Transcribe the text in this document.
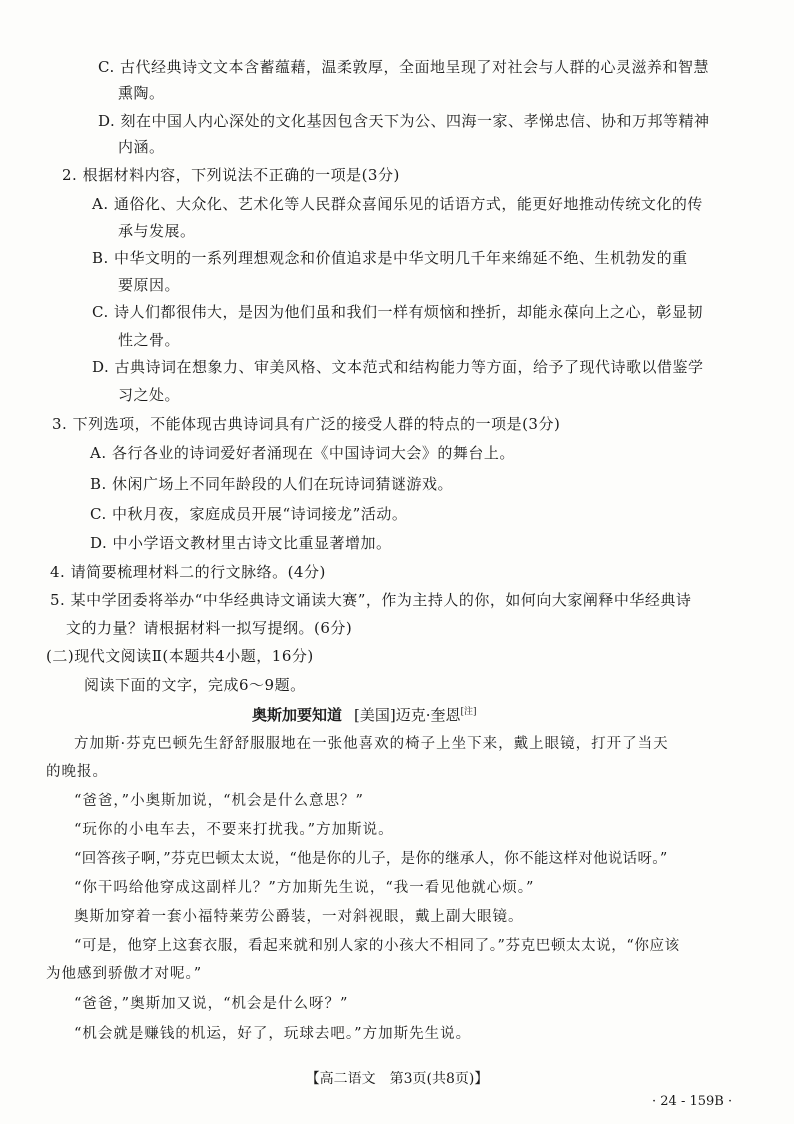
C. 古代经典诗文文本含蓄蕴藉，温柔敦厚，全面地呈现了对社会与人群的心灵滋养和智慧
熏陶。
D. 刻在中国人内心深处的文化基因包含天下为公、四海一家、孝悌忠信、协和万邦等精神
内涵。
2. 根据材料内容，下列说法不正确的一项是(3分)
A. 通俗化、大众化、艺术化等人民群众喜闻乐见的话语方式，能更好地推动传统文化的传
承与发展。
B. 中华文明的一系列理想观念和价值追求是中华文明几千年来绵延不绝、生机勃发的重
要原因。
C. 诗人们都很伟大，是因为他们虽和我们一样有烦恼和挫折，却能永葆向上之心，彰显韧
性之骨。
D. 古典诗词在想象力、审美风格、文本范式和结构能力等方面，给予了现代诗歌以借鉴学
习之处。
3. 下列选项，不能体现古典诗词具有广泛的接受人群的特点的一项是(3分)
A. 各行各业的诗词爱好者涌现在《中国诗词大会》的舞台上。
B. 休闲广场上不同年龄段的人们在玩诗词猜谜游戏。
C. 中秋月夜，家庭成员开展“诗词接龙”活动。
D. 中小学语文教材里古诗文比重显著增加。
4. 请简要梳理材料二的行文脉络。(4分)
5. 某中学团委将举办“中华经典诗文诵读大赛”，作为主持人的你，如何向大家阐释中华经典诗
文的力量？请根据材料一拟写提纲。(6分)
(二)现代文阅读Ⅱ(本题共4小题，16分)
阅读下面的文字，完成6～9题。
奥斯加要知道 [美国]迈克·奎恩[注]
方加斯·芬克巴顿先生舒舒服服地在一张他喜欢的椅子上坐下来，戴上眼镜，打开了当天
的晚报。
“爸爸，”小奥斯加说，“机会是什么意思？”
“玩你的小电车去，不要来打扰我。”方加斯说。
“回答孩子啊，”芬克巴顿太太说，“他是你的儿子，是你的继承人，你不能这样对他说话呀。”
“你干吗给他穿成这副样儿？”方加斯先生说，“我一看见他就心烦。”
奥斯加穿着一套小福特莱劳公爵装，一对斜视眼，戴上副大眼镜。
“可是，他穿上这套衣服，看起来就和别人家的小孩大不相同了。”芬克巴顿太太说，“你应该
为他感到骄傲才对呢。”
“爸爸，”奥斯加又说，“机会是什么呀？”
“机会就是赚钱的机运，好了，玩球去吧。”方加斯先生说。
【高二语文　第3页(共8页)】
· 24 - 159B ·
